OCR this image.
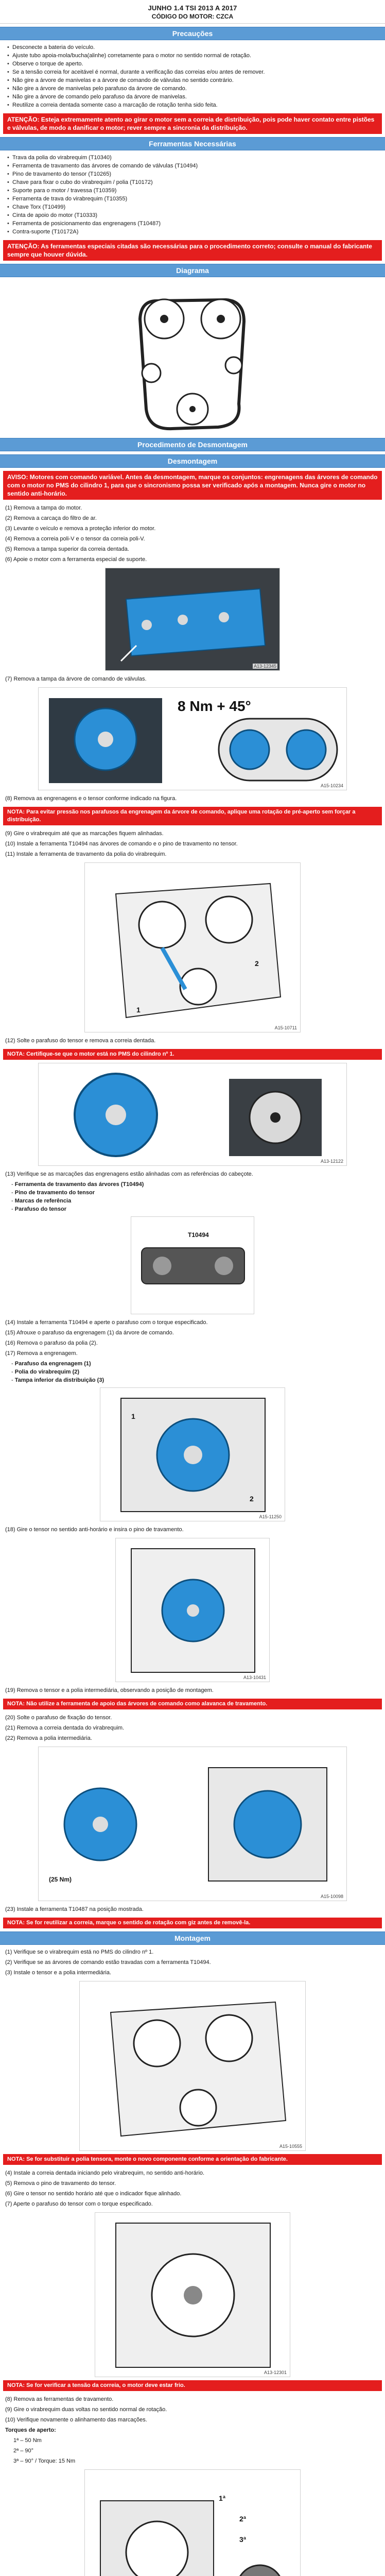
JUNHO 1.4 TSI 2013 A 2017
CÓDIGO DO MOTOR: CZCA
Precauções
• Desconecte a bateria do veículo.
• Ajuste tubo apoia-mola/bucha(alinhe) corretamente para o motor no sentido normal de rotação.
• Observe o torque de aperto.
• Se a tensão correia for aceitável é normal, durante a verificação das correias e/ou antes de remover.
• Não gire a árvore de manivelas e a árvore de comando de válvulas no sentido contrário.
• Não gire a árvore de manivelas pelo parafuso da árvore de comando.
• Não gire a árvore de comando pelo parafuso da árvore de manivelas.
• Reutilize a correia dentada somente caso a marcação de rotação tenha sido feita.
ATENÇÃO: Esteja extremamente atento ao girar o motor sem a correia de distribuição, pois pode haver contato entre pistões e válvulas, de modo a danificar o motor; rever sempre a sincronia da distribuição.
Ferramentas Necessárias
• Trava da polia do virabrequim (T10340)
• Ferramenta de travamento das árvores de comando de válvulas (T10494)
• Pino de travamento do tensor (T10265)
• Chave para fixar o cubo do virabrequim / polia (T10172)
• Suporte para o motor / travessa (T10359)
• Ferramenta de trava do virabrequim (T10355)
• Chave Torx (T10499)
• Cinta de apoio do motor (T10333)
• Ferramenta de posicionamento das engrenagens (T10487)
• Contra-suporte (T10172A)
ATENÇÃO: As ferramentas especiais citadas são necessárias para o procedimento correto; consulte o manual do fabricante sempre que houver dúvida.
Diagrama
Procedimento de Desmontagem
Desmontagem
AVISO: Motores com comando variável. Antes da desmontagem, marque os conjuntos: engrenagens das árvores de comando com o motor no PMS do cilindro 1, para que o sincronismo possa ser verificado após a montagem. Nunca gire o motor no sentido anti-horário.
(1) Remova a tampa do motor.
(2) Remova a carcaça do filtro de ar.
(3) Levante o veículo e remova a proteção inferior do motor.
(4) Remova a correia poli-V e o tensor da correia poli-V.
(5) Remova a tampa superior da correia dentada.
(6) Apoie o motor com a ferramenta especial de suporte.
A13-12345
(7) Remova a tampa da árvore de comando de válvulas.
8 Nm + 45°
A15-10234
(8) Remova as engrenagens e o tensor conforme indicado na figura.
NOTA: Para evitar pressão nos parafusos da engrenagem da árvore de comando, aplique uma rotação de pré-aperto sem forçar a distribuição.
(9) Gire o virabrequim até que as marcações fiquem alinhadas.
(10) Instale a ferramenta T10494 nas árvores de comando e o pino de travamento no tensor.
(11) Instale a ferramenta de travamento da polia do virabrequim.
1
2
A15-10711
(12) Solte o parafuso do tensor e remova a correia dentada.
NOTA: Certifique-se que o motor está no PMS do cilindro nº 1.
A13-12122
(13) Verifique se as marcações das engrenagens estão alinhadas com as referências do cabeçote.
- Ferramenta de travamento das árvores (T10494)
- Pino de travamento do tensor
- Marcas de referência
- Parafuso do tensor
T10494
(14) Instale a ferramenta T10494 e aperte o parafuso com o torque especificado.
(15) Afrouxe o parafuso da engrenagem (1) da árvore de comando.
(16) Remova o parafuso da polia (2).
(17) Remova a engrenagem.
- Parafuso da engrenagem (1)
- Polia do virabrequim (2)
- Tampa inferior da distribuição (3)
1
2
A15-11250
(18) Gire o tensor no sentido anti-horário e insira o pino de travamento.
A13-10431
(19) Remova o tensor e a polia intermediária, observando a posição de montagem.
NOTA: Não utilize a ferramenta de apoio das árvores de comando como alavanca de travamento.
(20) Solte o parafuso de fixação do tensor.
(21) Remova a correia dentada do virabrequim.
(22) Remova a polia intermediária.
(25 Nm)
A15-10098
(23) Instale a ferramenta T10487 na posição mostrada.
NOTA: Se for reutilizar a correia, marque o sentido de rotação com giz antes de removê-la.
Montagem
(1) Verifique se o virabrequim está no PMS do cilindro nº 1.
(2) Verifique se as árvores de comando estão travadas com a ferramenta T10494.
(3) Instale o tensor e a polia intermediária.
A15-10555
NOTA: Se for substituir a polia tensora, monte o novo componente conforme a orientação do fabricante.
(4) Instale a correia dentada iniciando pelo virabrequim, no sentido anti-horário.
(5) Remova o pino de travamento do tensor.
(6) Gire o tensor no sentido horário até que o indicador fique alinhado.
(7) Aperte o parafuso do tensor com o torque especificado.
A13-12301
NOTA: Se for verificar a tensão da correia, o motor deve estar frio.
(8) Remova as ferramentas de travamento.
(9) Gire o virabrequim duas voltas no sentido normal de rotação.
(10) Verifique novamente o alinhamento das marcações.
Torques de aperto:
1ª – 50 Nm
2ª – 90°
3ª – 90° / Torque: 15 Nm
1ª
2ª
3ª
